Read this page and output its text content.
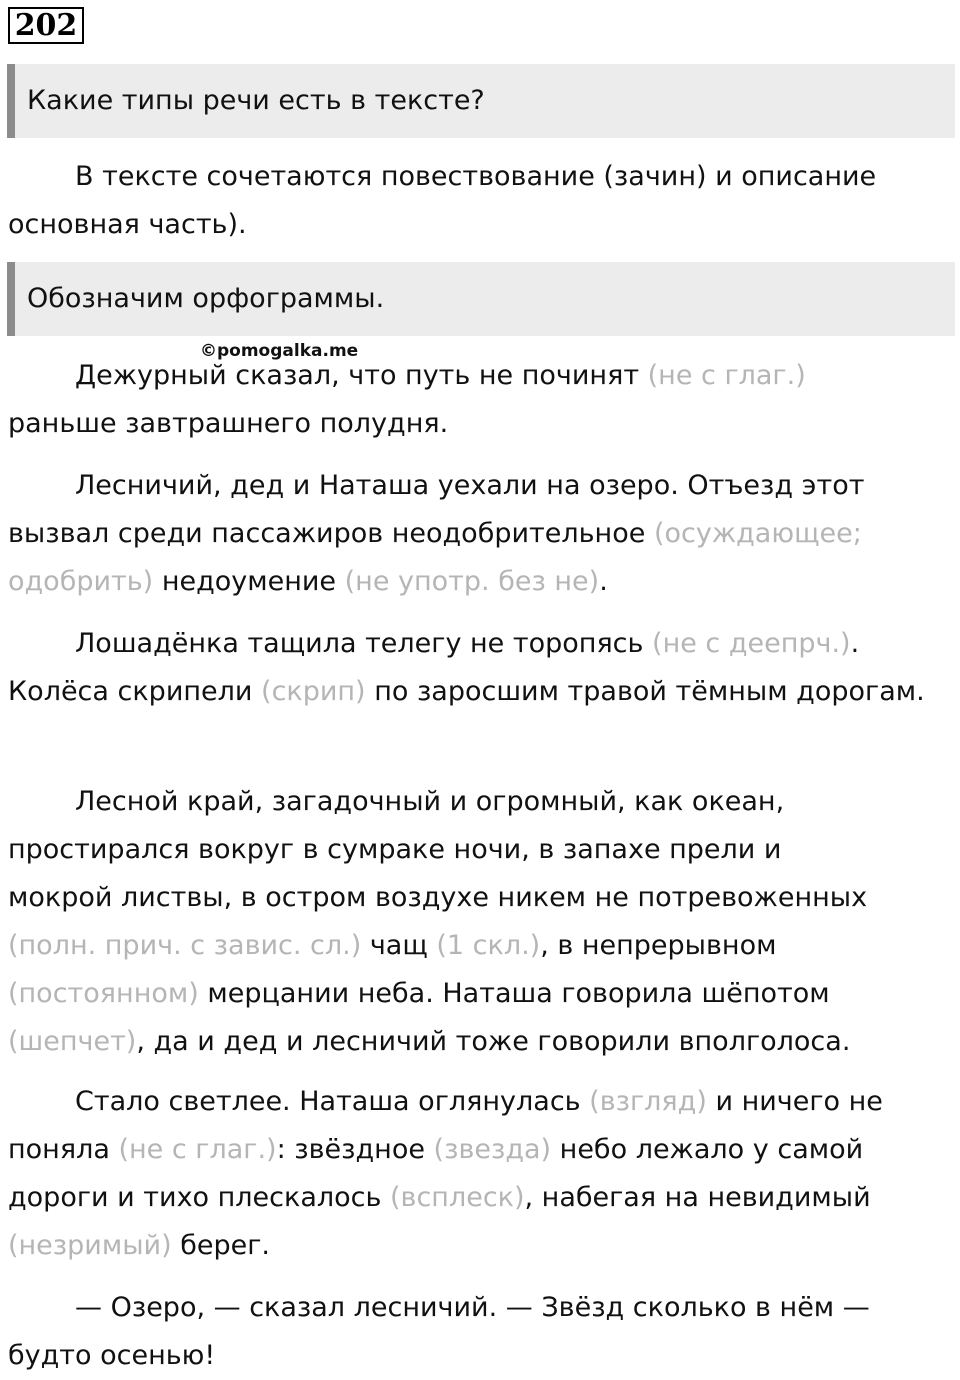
202
Какие типы речи есть в тексте?

В тексте сочетаются повествование (зачин) и описание основная часть).

Обозначим орфограммы.
©pomogalka.me

Дежурный сказал, что путь не починят (не с глаг.) раньше завтрашнего полудня.

Лесничий, дед и Наташа уехали на озеро. Отъезд этот вызвал среди пассажиров неодобрительное (осуждающее; одобрить) недоумение (не употр. без не).

Лошадёнка тащила телегу не торопясь (не с деепрч.). Колёса скрипели (скрип) по заросшим травой тёмным дорогам.

Лесной край, загадочный и огромный, как океан, простирался вокруг в сумраке ночи, в запахе прели и мокрой листвы, в остром воздухе никем не потревоженных (полн. прич. с завис. сл.) чащ (1 скл.), в непрерывном (постоянном) мерцании неба. Наташа говорила шёпотом (шепчет), да и дед и лесничий тоже говорили вполголоса.

Стало светлее. Наташа оглянулась (взгляд) и ничего не поняла (не с глаг.): звёздное (звезда) небо лежало у самой дороги и тихо плескалось (всплеск), набегая на невидимый (незримый) берег.

— Озеро, — сказал лесничий. — Звёзд сколько в нём — будто осенью!
